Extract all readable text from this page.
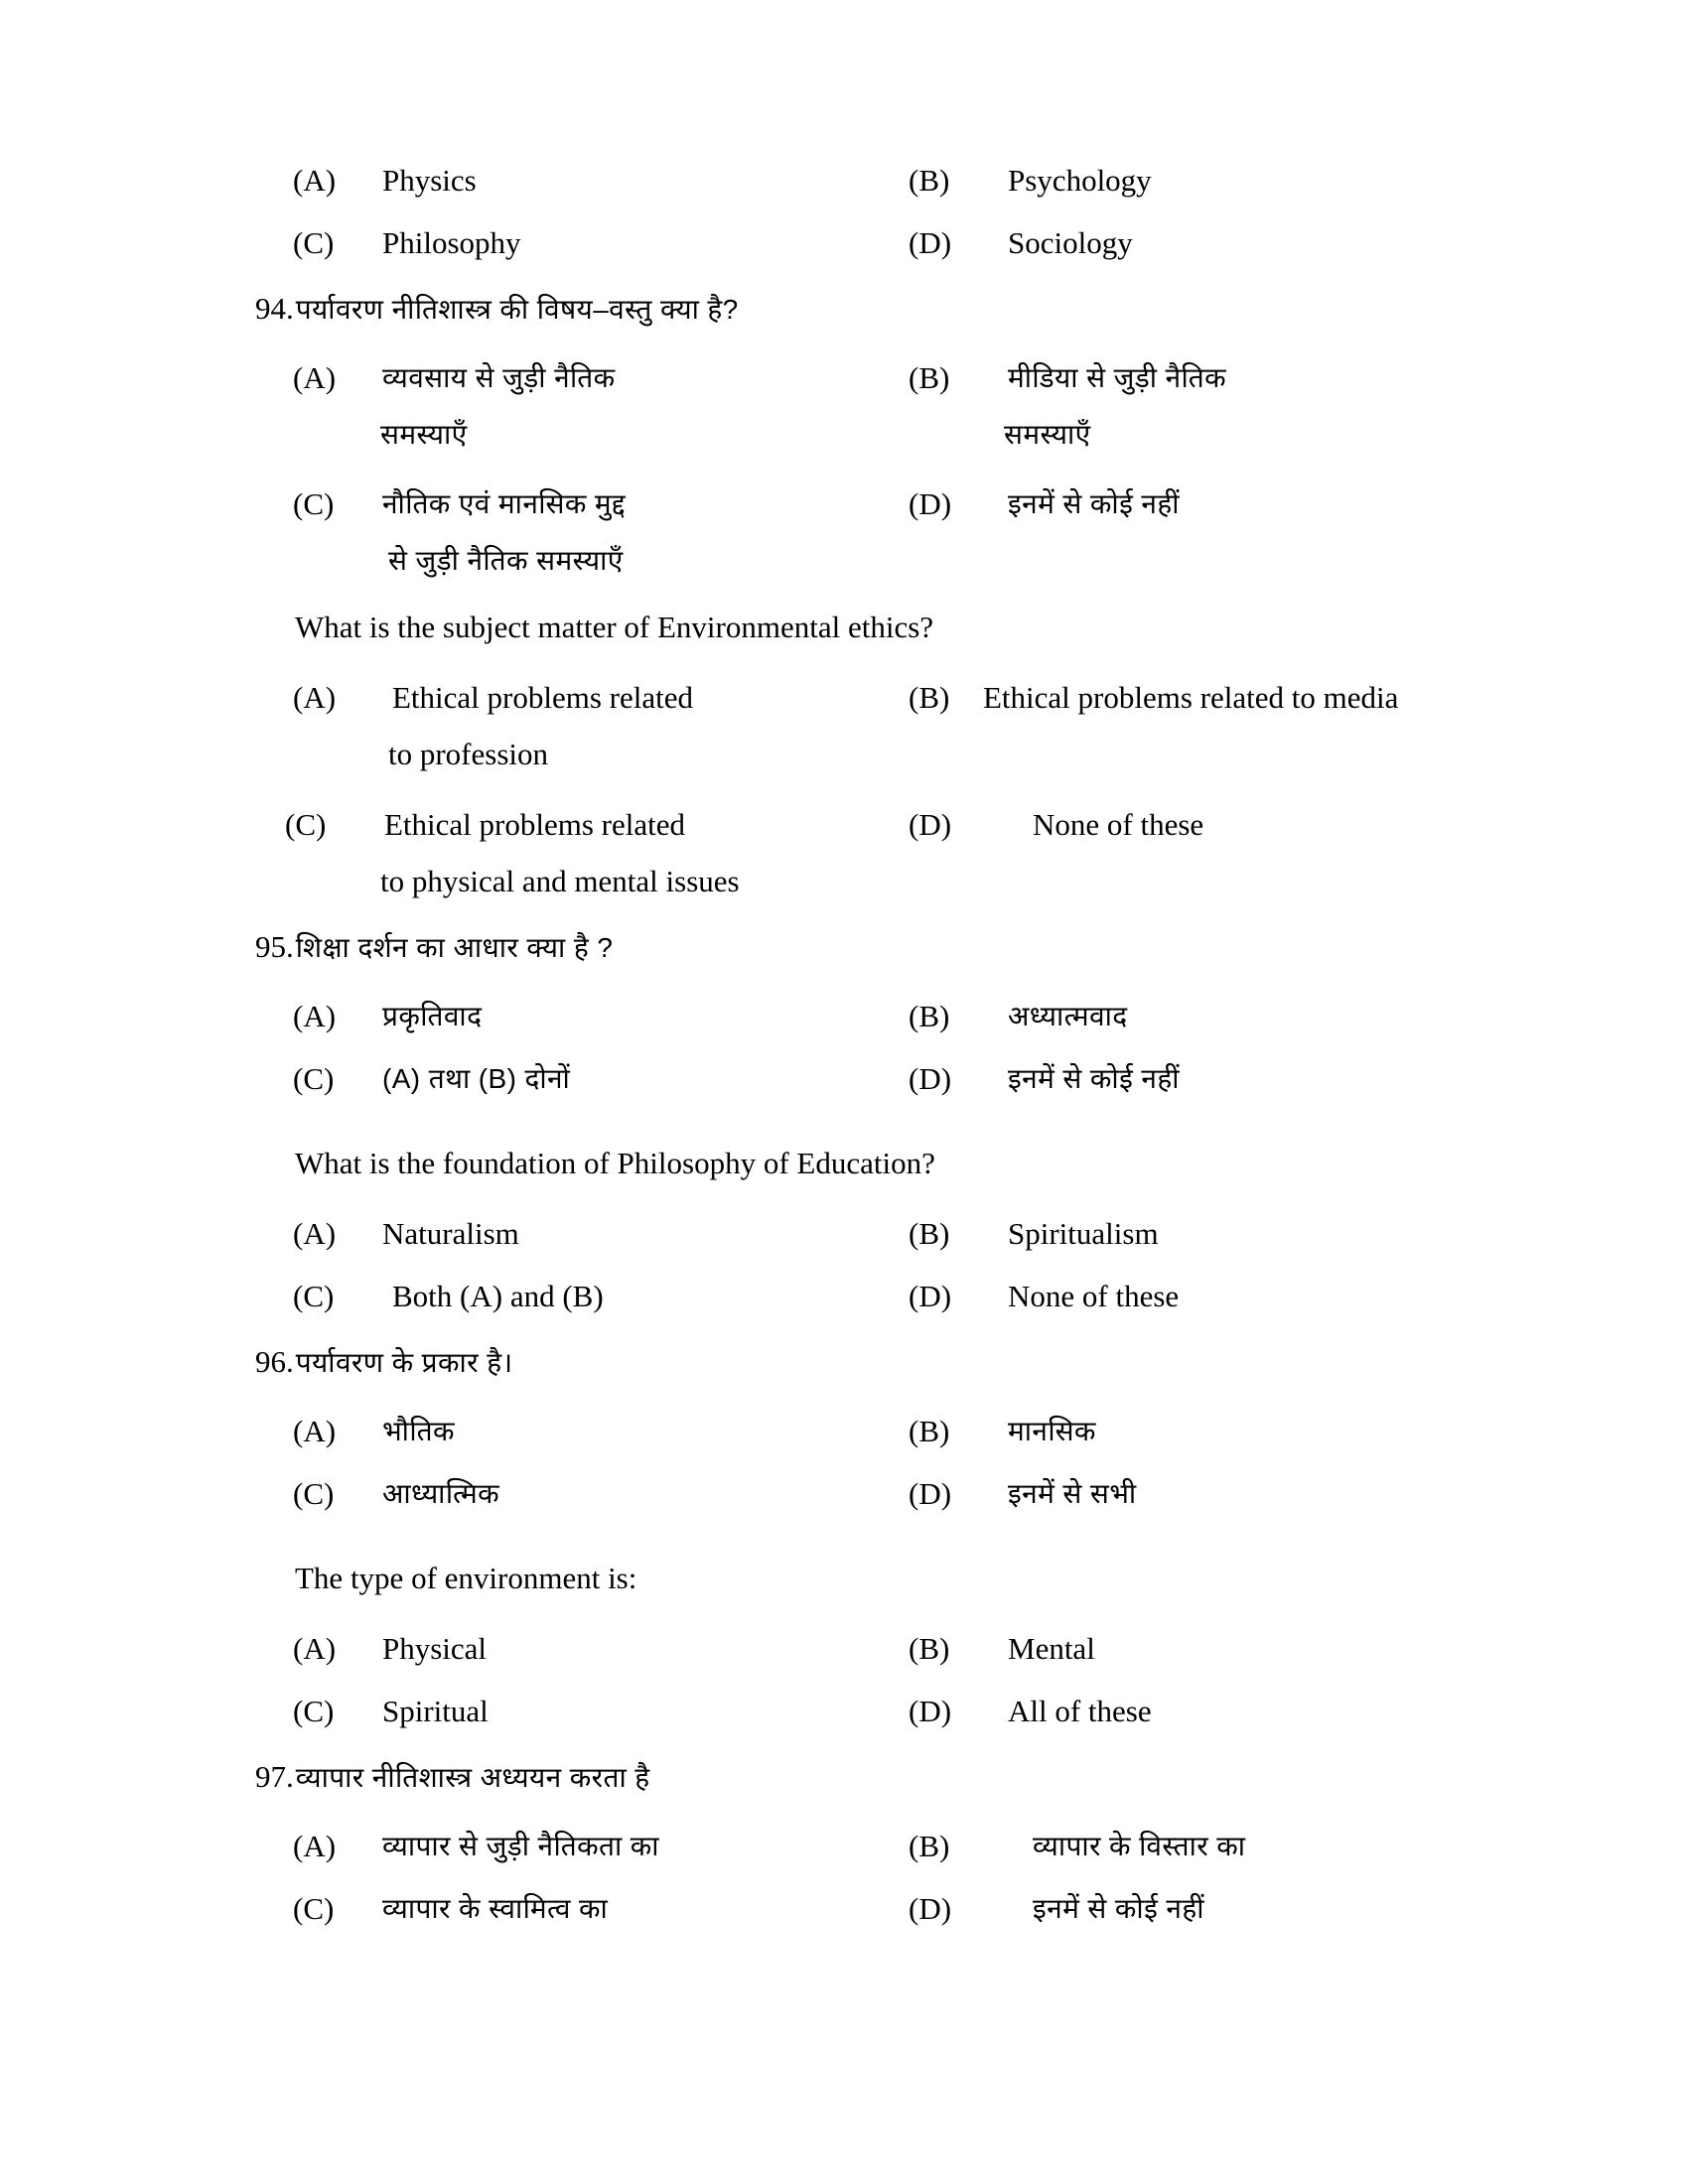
(A)	Physics	(B)	Psychology
(C)	Philosophy	(D)	Sociology
94. पर्यावरण नीतिशास्त्र की विषय–वस्तु क्या है?
(A)	व्यवसाय से जुड़ी नैतिक	(B)	मीडिया से जुड़ी नैतिक
समस्याएँ	समस्याएँ
(C)	नौतिक एवं मानसिक मुद्द	(D)	इनमें से कोई नहीं
से जुड़ी नैतिक समस्याएँ
What is the subject matter of Environmental ethics?
(A)	Ethical problems related	(B)	Ethical problems related to media
to profession
(C)	Ethical problems related	(D)	None of these
to physical and mental issues
95. शिक्षा दर्शन का आधार क्या है ?
(A)	प्रकृतिवाद	(B)	अध्यात्मवाद
(C)	(A) तथा (B) दोनों	(D)	इनमें से कोई नहीं
What is the foundation of Philosophy of Education?
(A)	Naturalism	(B)	Spiritualism
(C)	Both (A) and (B)	(D)	None of these
96. पर्यावरण के प्रकार है।
(A)	भौतिक	(B)	मानसिक
(C)	आध्यात्मिक	(D)	इनमें से सभी
The type of environment is:
(A)	Physical	(B)	Mental
(C)	Spiritual	(D)	All of these
97. व्यापार नीतिशास्त्र अध्ययन करता है
(A)	व्यापार से जुड़ी नैतिकता का	(B)	व्यापार के विस्तार का
(C)	व्यापार के स्वामित्व का	(D)	इनमें से कोई नहीं
